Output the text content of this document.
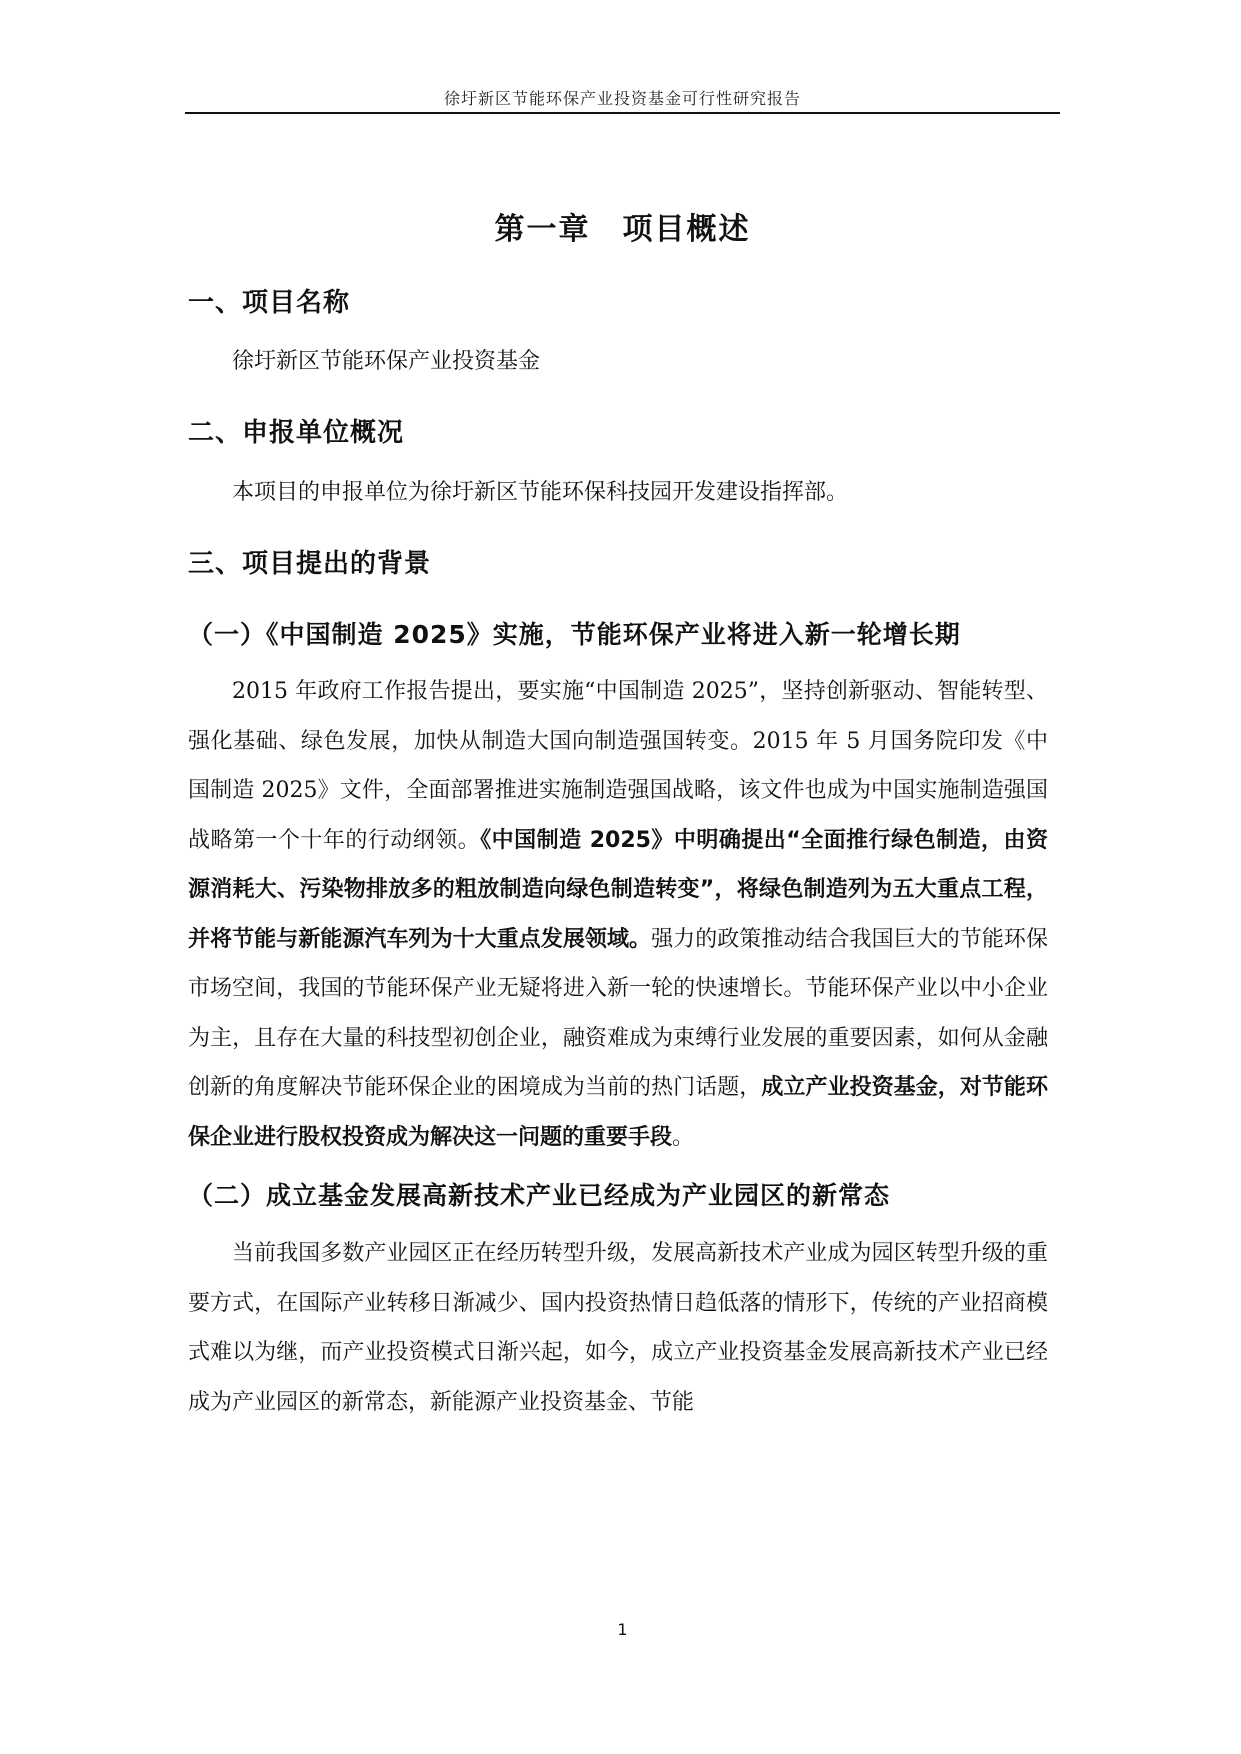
徐圩新区节能环保产业投资基金可行性研究报告
第一章　项目概述
一、项目名称

徐圩新区节能环保产业投资基金

二、申报单位概况

本项目的申报单位为徐圩新区节能环保科技园开发建设指挥部。

三、项目提出的背景
（一）《中国制造 2025》实施，节能环保产业将进入新一轮增长期

2015 年政府工作报告提出，要实施“中国制造 2025”，坚持创新驱动、智能转型、强化基础、绿色发展，加快从制造大国向制造强国转变。2015 年 5 月国务院印发《中国制造 2025》文件，全面部署推进实施制造强国战略，该文件也成为中国实施制造强国战略第一个十年的行动纲领。《中国制造 2025》中明确提出“全面推行绿色制造，由资源消耗大、污染物排放多的粗放制造向绿色制造转变”，将绿色制造列为五大重点工程，并将节能与新能源汽车列为十大重点发展领域。强力的政策推动结合我国巨大的节能环保市场空间，我国的节能环保产业无疑将进入新一轮的快速增长。节能环保产业以中小企业为主，且存在大量的科技型初创企业，融资难成为束缚行业发展的重要因素，如何从金融创新的角度解决节能环保企业的困境成为当前的热门话题，成立产业投资基金，对节能环保企业进行股权投资成为解决这一问题的重要手段。

（二）成立基金发展高新技术产业已经成为产业园区的新常态

当前我国多数产业园区正在经历转型升级，发展高新技术产业成为园区转型升级的重要方式，在国际产业转移日渐减少、国内投资热情日趋低落的情形下，传统的产业招商模式难以为继，而产业投资模式日渐兴起，如今，成立产业投资基金发展高新技术产业已经成为产业园区的新常态，新能源产业投资基金、节能

1
